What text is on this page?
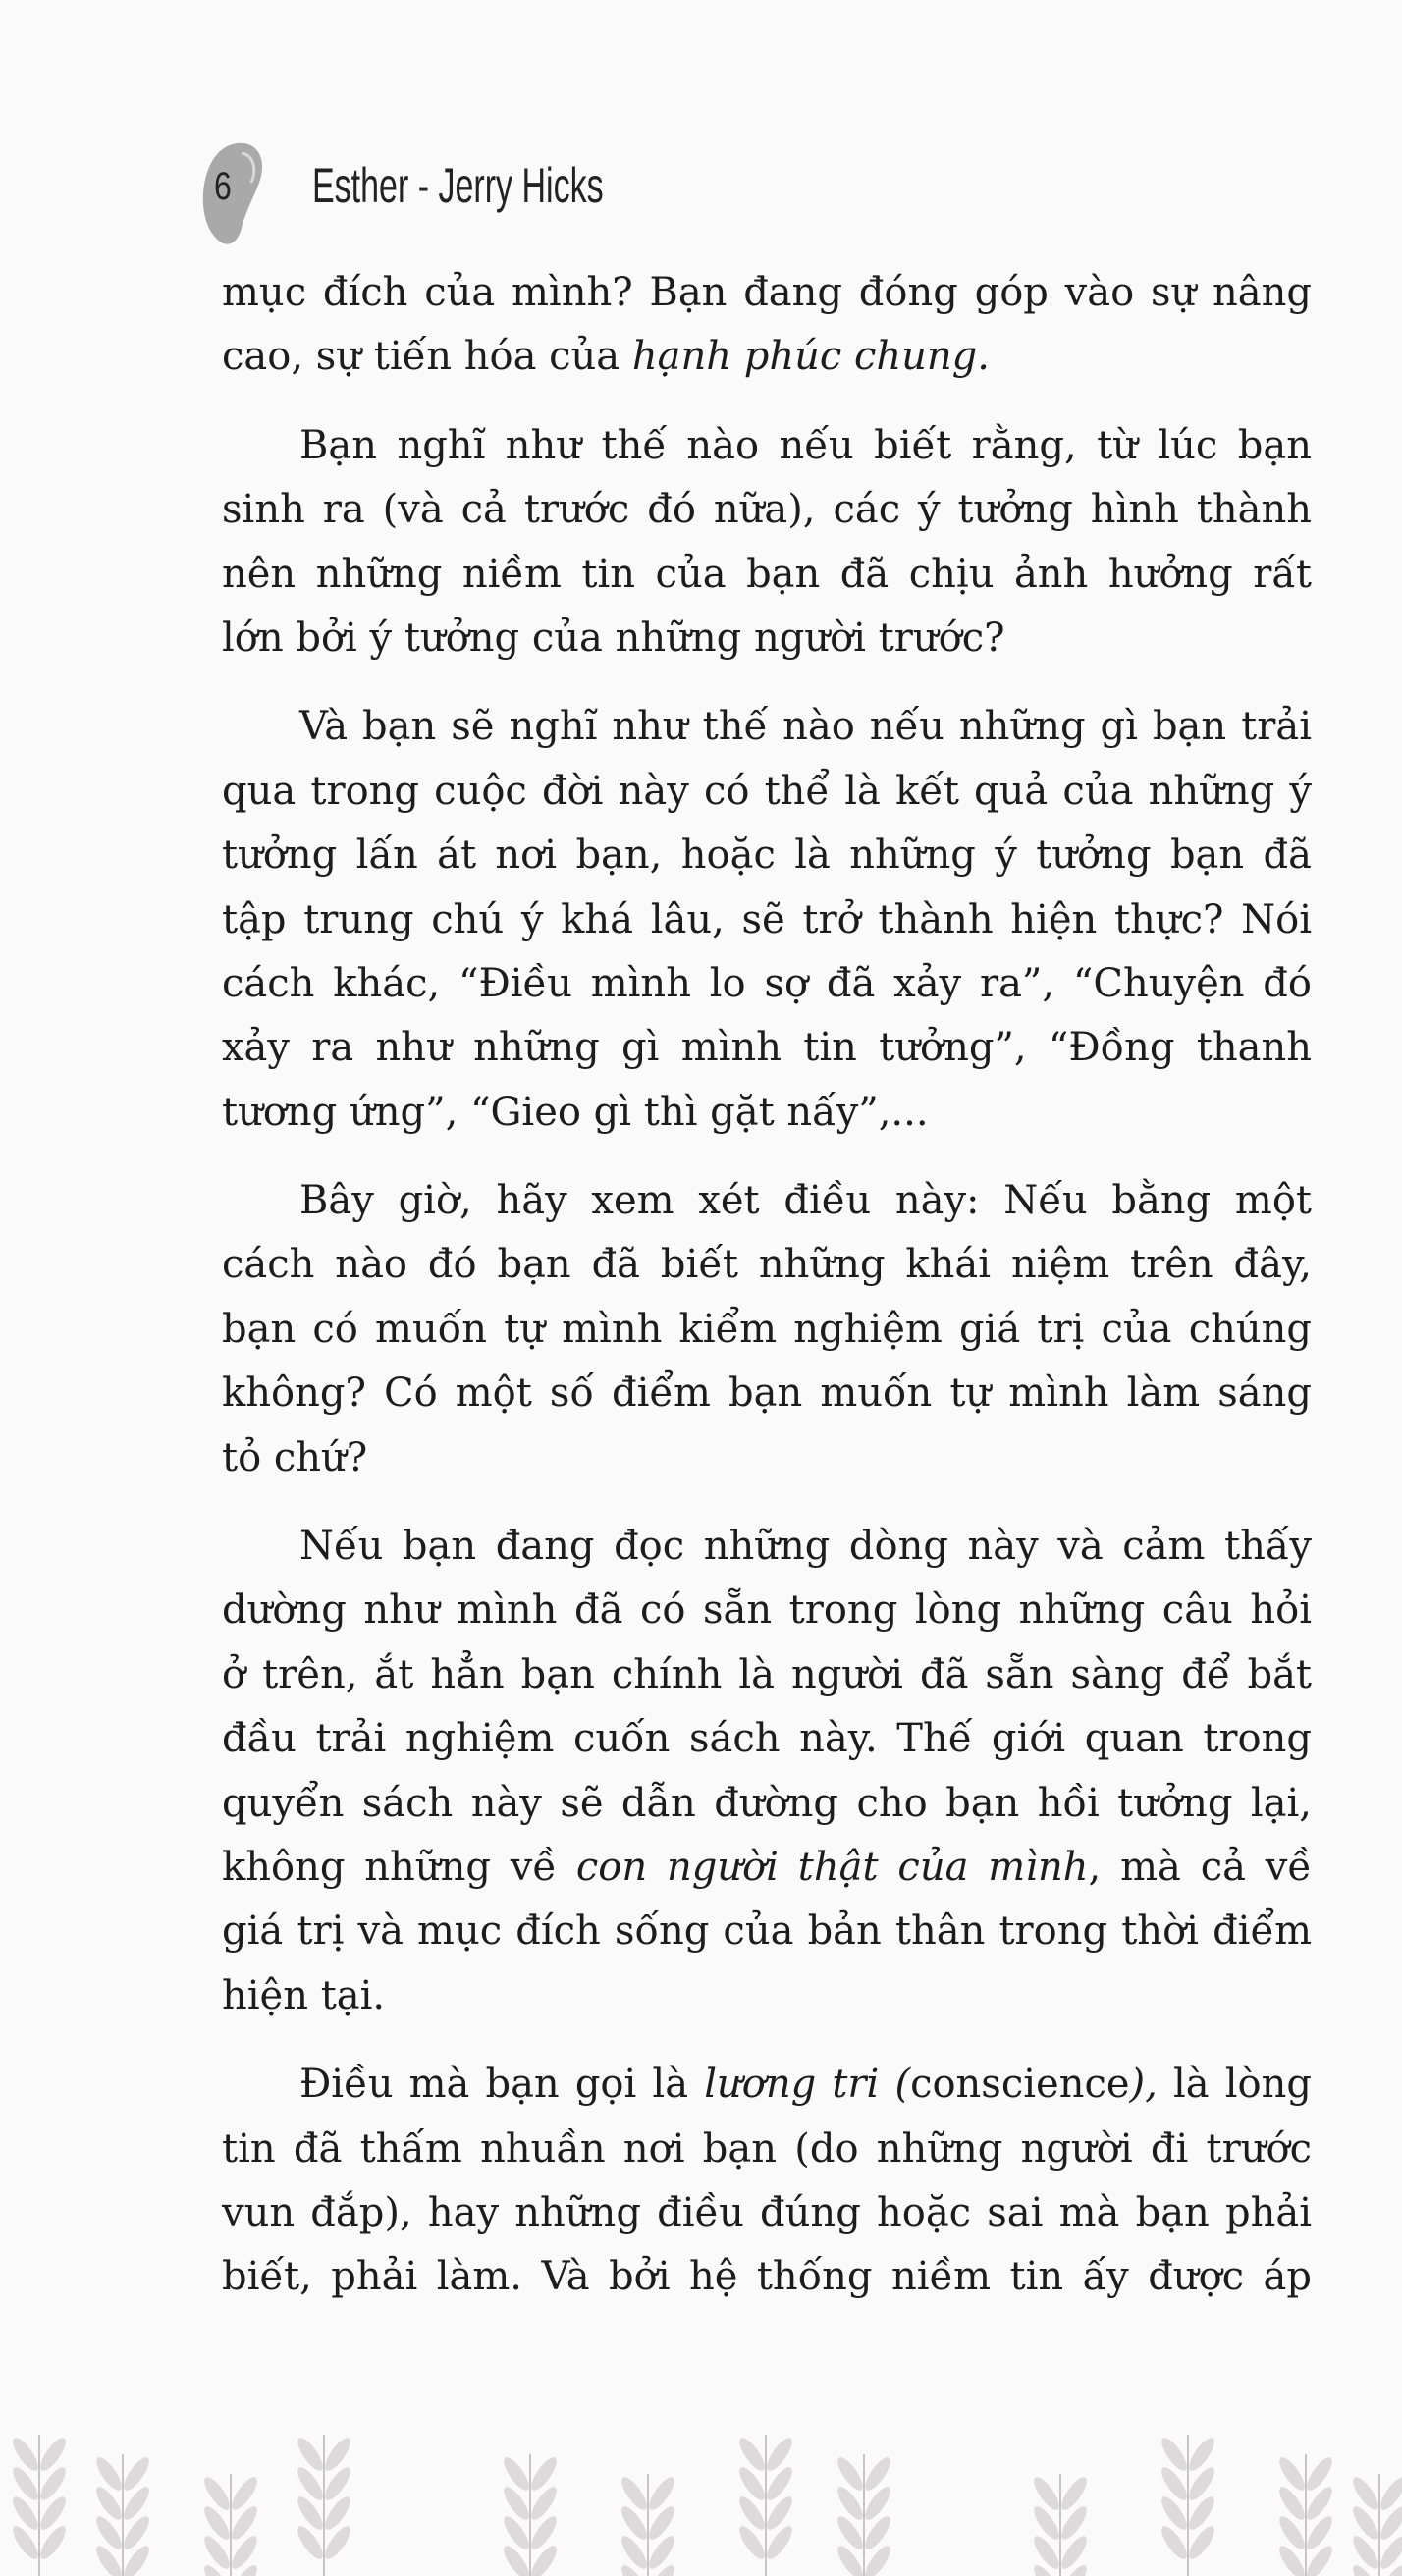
6 Esther - Jerry Hicks
mục đích của mình? Bạn đang đóng góp vào sự nâng
cao, sự tiến hóa của hạnh phúc chung.
Bạn nghĩ như thế nào nếu biết rằng, từ lúc bạn
sinh ra (và cả trước đó nữa), các ý tưởng hình thành
nên những niềm tin của bạn đã chịu ảnh hưởng rất
lớn bởi ý tưởng của những người trước?
Và bạn sẽ nghĩ như thế nào nếu những gì bạn trải
qua trong cuộc đời này có thể là kết quả của những ý
tưởng lấn át nơi bạn, hoặc là những ý tưởng bạn đã
tập trung chú ý khá lâu, sẽ trở thành hiện thực? Nói
cách khác, “Điều mình lo sợ đã xảy ra”, “Chuyện đó
xảy ra như những gì mình tin tưởng”, “Đồng thanh
tương ứng”, “Gieo gì thì gặt nấy”,...
Bây giờ, hãy xem xét điều này: Nếu bằng một
cách nào đó bạn đã biết những khái niệm trên đây,
bạn có muốn tự mình kiểm nghiệm giá trị của chúng
không? Có một số điểm bạn muốn tự mình làm sáng
tỏ chứ?
Nếu bạn đang đọc những dòng này và cảm thấy
dường như mình đã có sẵn trong lòng những câu hỏi
ở trên, ắt hẳn bạn chính là người đã sẵn sàng để bắt
đầu trải nghiệm cuốn sách này. Thế giới quan trong
quyển sách này sẽ dẫn đường cho bạn hồi tưởng lại,
không những về con người thật của mình, mà cả về
giá trị và mục đích sống của bản thân trong thời điểm
hiện tại.
Điều mà bạn gọi là lương tri (conscience), là lòng
tin đã thấm nhuần nơi bạn (do những người đi trước
vun đắp), hay những điều đúng hoặc sai mà bạn phải
biết, phải làm. Và bởi hệ thống niềm tin ấy được áp
